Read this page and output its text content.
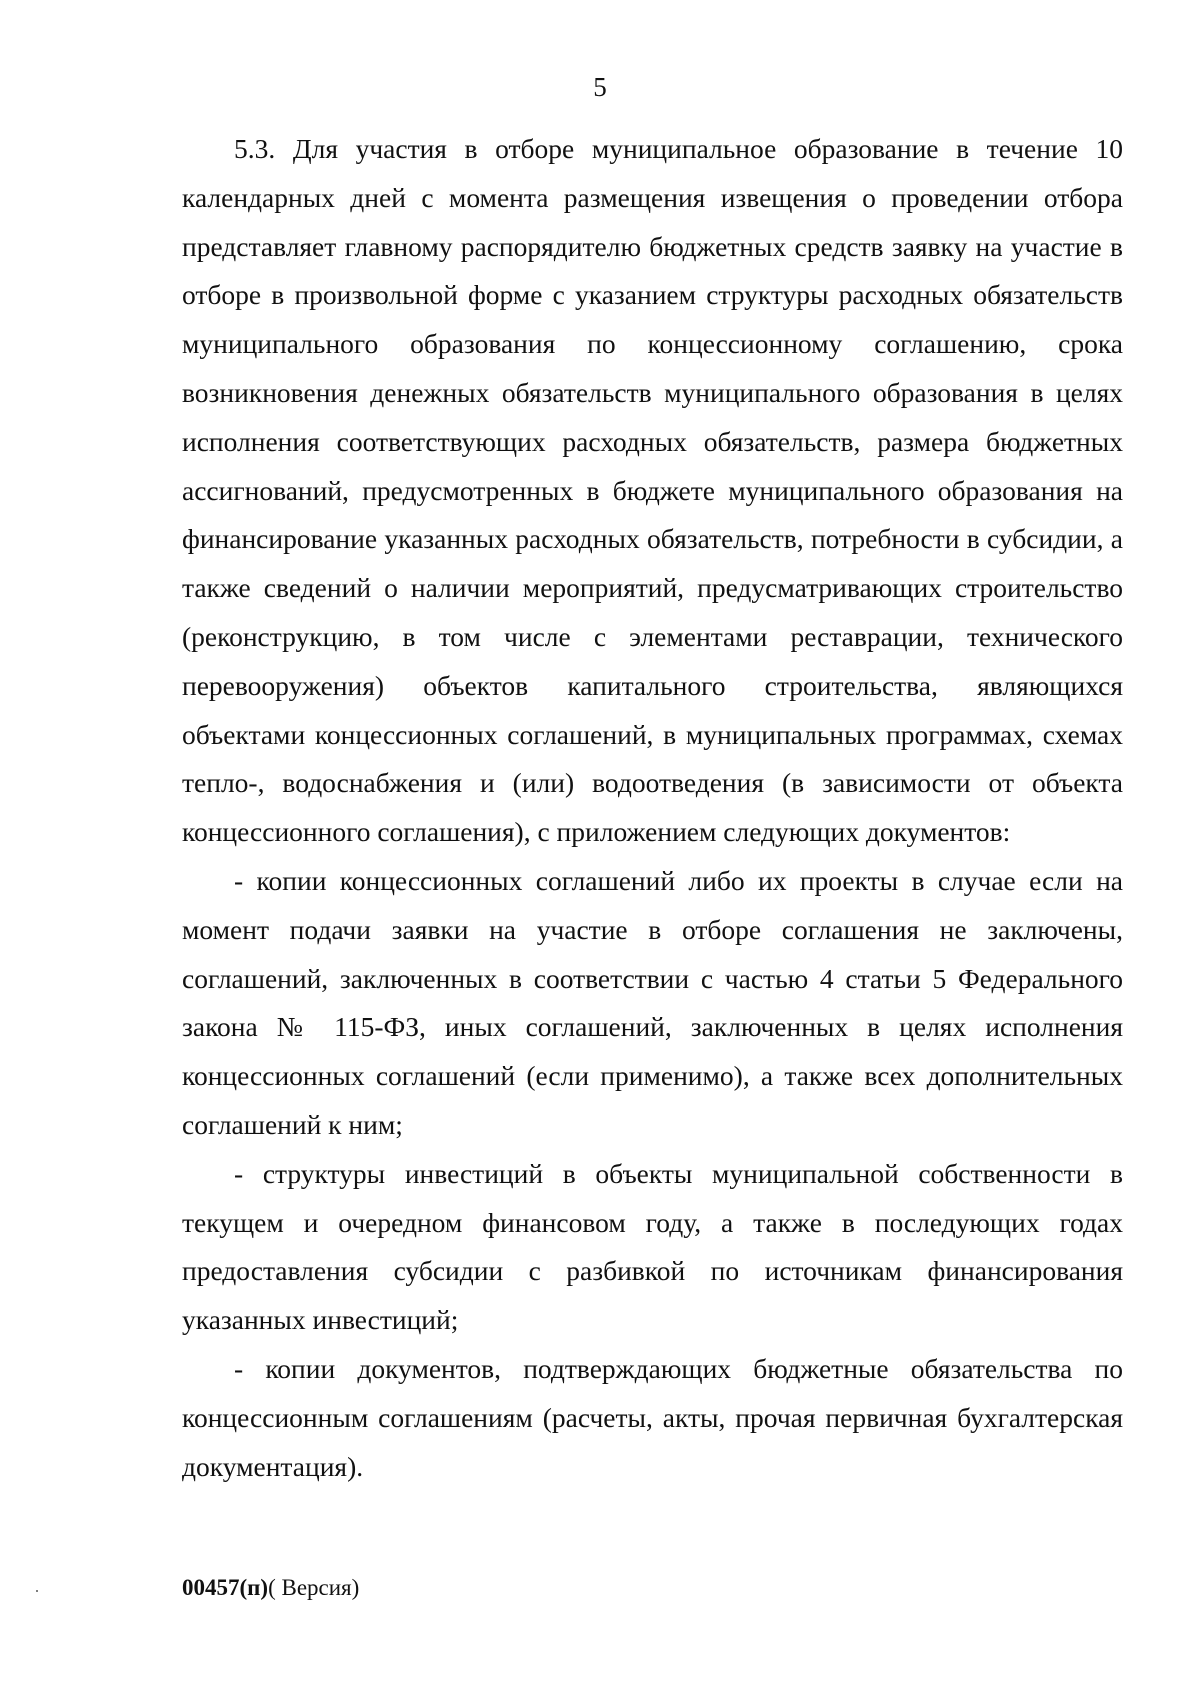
5

5.3. Для участия в отборе муниципальное образование в течение 10 календарных дней с момента размещения извещения о проведении отбора представляет главному распорядителю бюджетных средств заявку на участие в отборе в произвольной форме с указанием структуры расходных обязательств муниципального образования по концессионному соглашению, срока возникновения денежных обязательств муниципального образования в целях исполнения соответствующих расходных обязательств, размера бюджетных ассигнований, предусмотренных в бюджете муниципального образования на финансирование указанных расходных обязательств, потребности в субсидии, а также сведений о наличии мероприятий, предусматривающих строительство (реконструкцию, в том числе с элементами реставрации, технического перевооружения) объектов капитального строительства, являющихся объектами концессионных соглашений, в муниципальных программах, схемах тепло-, водоснабжения и (или) водоотведения (в зависимости от объекта концессионного соглашения), с приложением следующих документов:

- копии концессионных соглашений либо их проекты в случае если на момент подачи заявки на участие в отборе соглашения не заключены, соглашений, заключенных в соответствии с частью 4 статьи 5 Федерального закона № 115-ФЗ, иных соглашений, заключенных в целях исполнения концессионных соглашений (если применимо), а также всех дополнительных соглашений к ним;

- структуры инвестиций в объекты муниципальной собственности в текущем и очередном финансовом году, а также в последующих годах предоставления субсидии с разбивкой по источникам финансирования указанных инвестиций;

- копии документов, подтверждающих бюджетные обязательства по концессионным соглашениям (расчеты, акты, прочая первичная бухгалтерская документация).

00457(п)( Версия)
